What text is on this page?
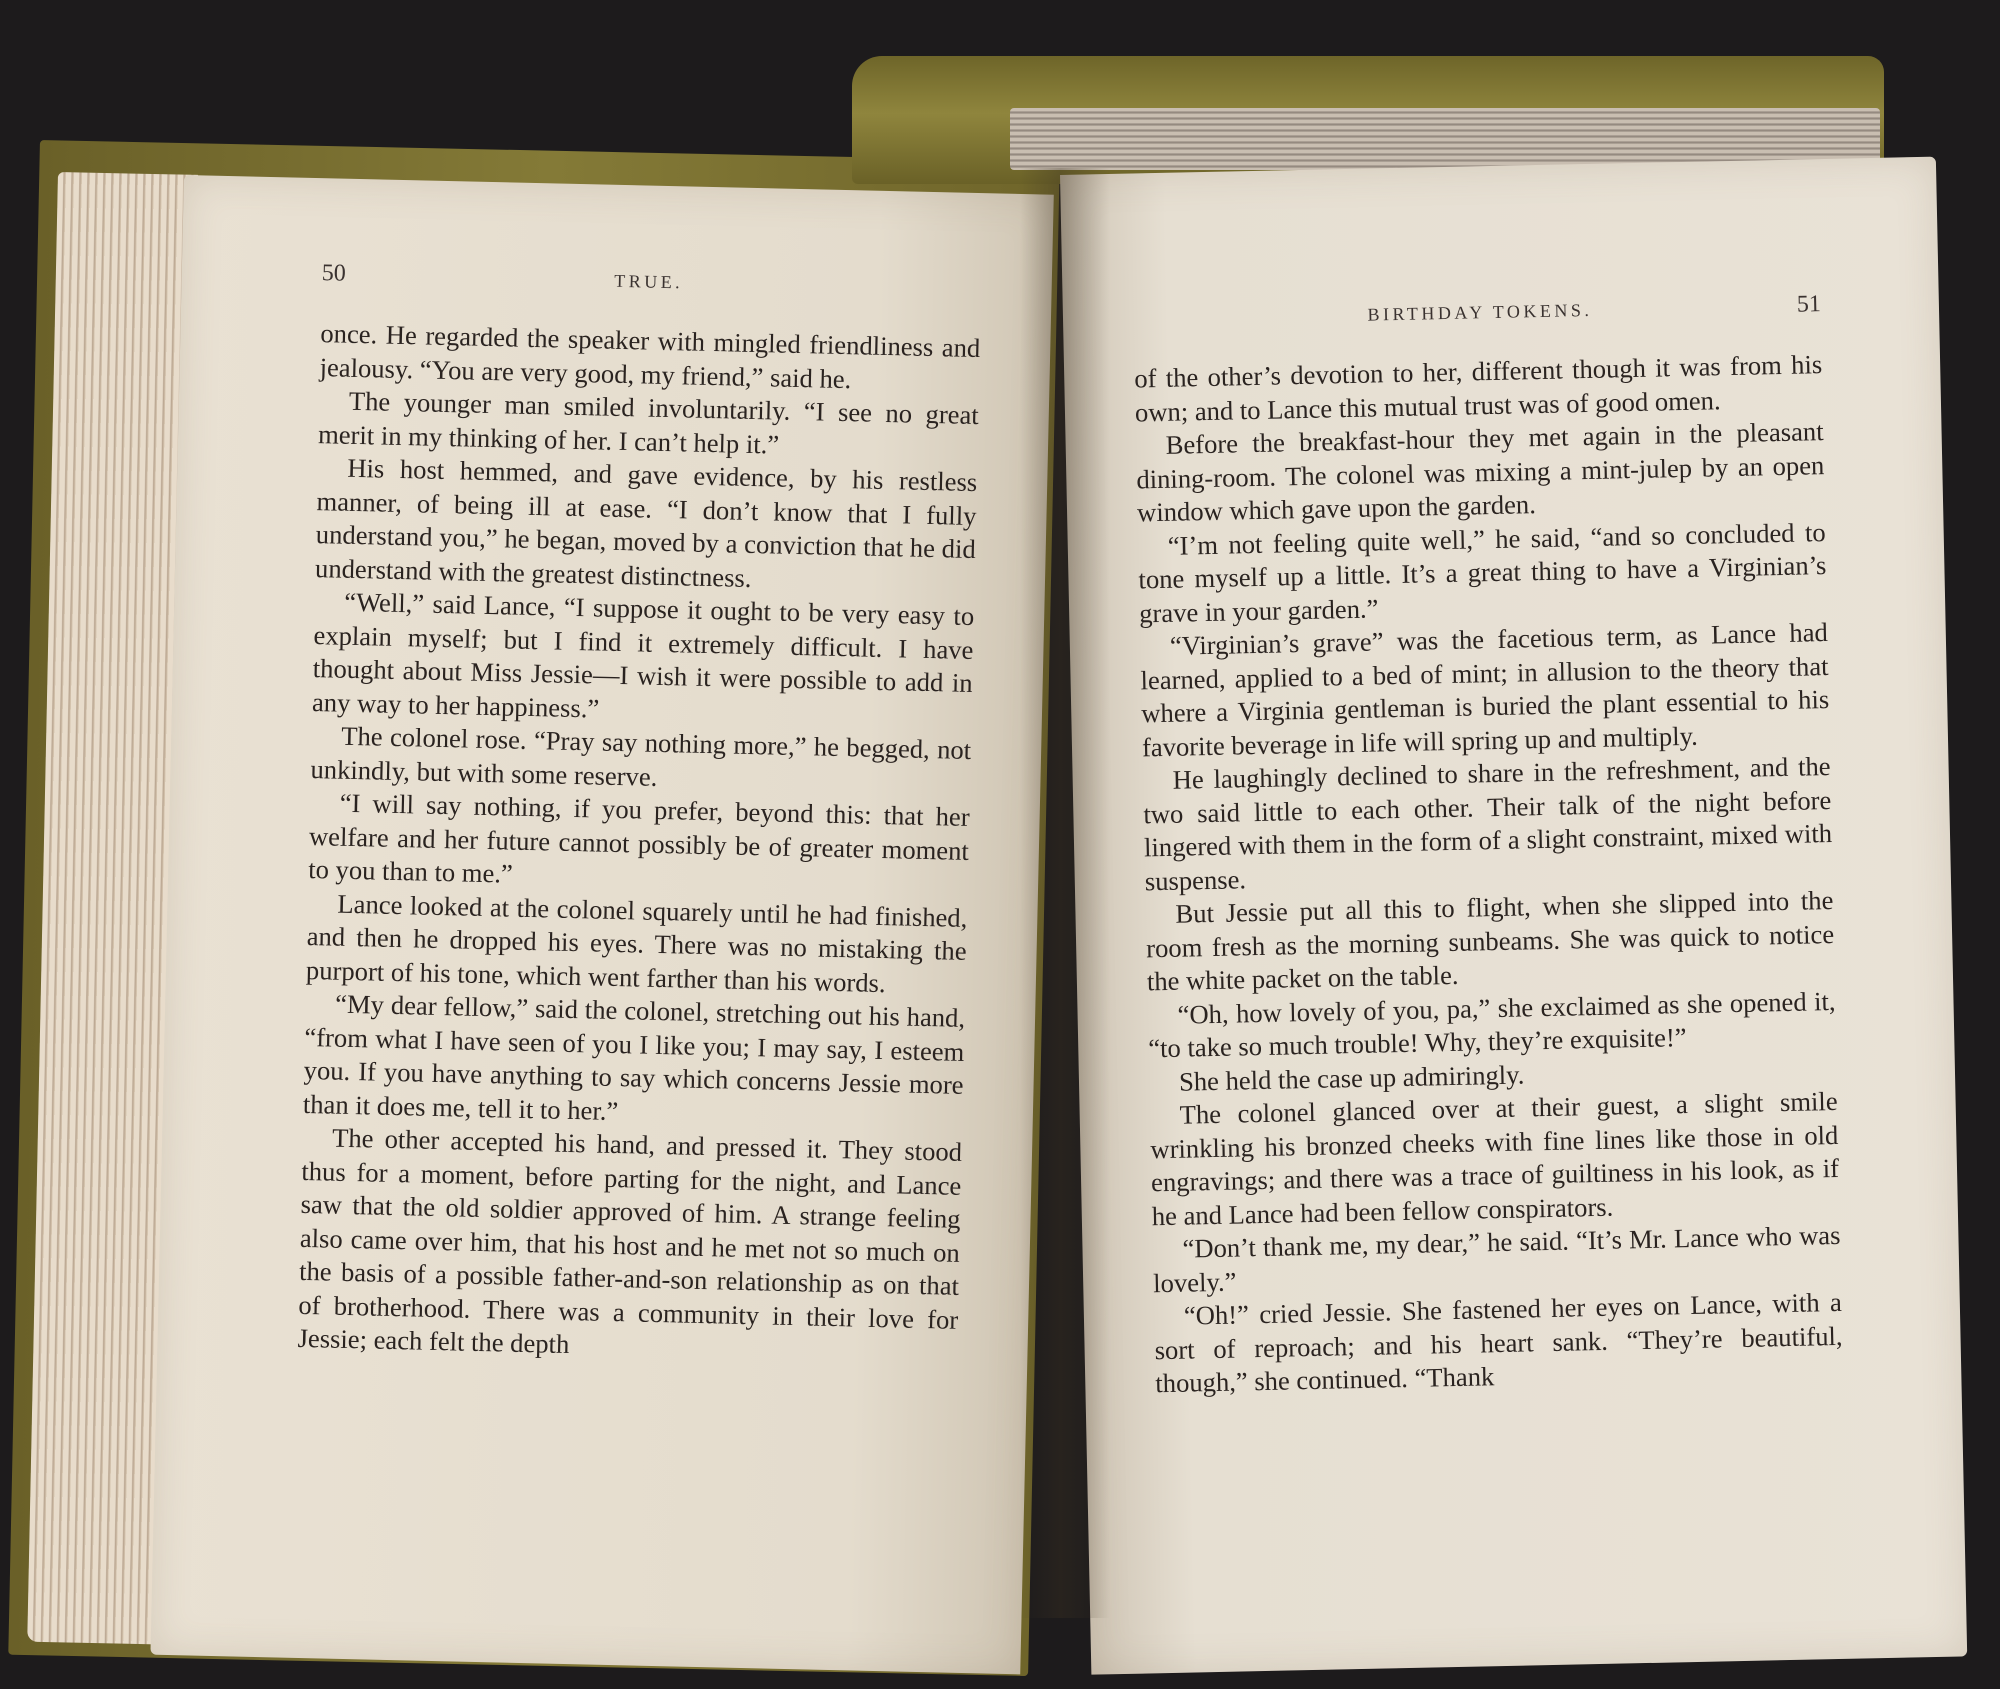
50	TRUE.

once. He regarded the speaker with mingled friendliness and jealousy. “You are very good, my friend,” said he.

The younger man smiled involuntarily. “I see no great merit in my thinking of her. I can’t help it.”

His host hemmed, and gave evidence, by his restless manner, of being ill at ease. “I don’t know that I fully understand you,” he began, moved by a conviction that he did understand with the greatest distinctness.

“Well,” said Lance, “I suppose it ought to be very easy to explain myself; but I find it extremely difficult. I have thought about Miss Jessie—I wish it were possible to add in any way to her happiness.”

The colonel rose. “Pray say nothing more,” he begged, not unkindly, but with some reserve.

“I will say nothing, if you prefer, beyond this: that her welfare and her future cannot possibly be of greater moment to you than to me.”

Lance looked at the colonel squarely until he had finished, and then he dropped his eyes. There was no mistaking the purport of his tone, which went farther than his words.

“My dear fellow,” said the colonel, stretching out his hand, “from what I have seen of you I like you; I may say, I esteem you. If you have anything to say which concerns Jessie more than it does me, tell it to her.”

The other accepted his hand, and pressed it. They stood thus for a moment, before parting for the night, and Lance saw that the old soldier approved of him. A strange feeling also came over him, that his host and he met not so much on the basis of a possible father-and-son relationship as on that of brotherhood. There was a community in their love for Jessie; each felt the depth

BIRTHDAY TOKENS.	51

of the other’s devotion to her, different though it was from his own; and to Lance this mutual trust was of good omen.

Before the breakfast-hour they met again in the pleasant dining-room. The colonel was mixing a mint-julep by an open window which gave upon the garden.

“I’m not feeling quite well,” he said, “and so concluded to tone myself up a little. It’s a great thing to have a Virginian’s grave in your garden.”

“Virginian’s grave” was the facetious term, as Lance had learned, applied to a bed of mint; in allusion to the theory that where a Virginia gentleman is buried the plant essential to his favorite beverage in life will spring up and multiply.

He laughingly declined to share in the refreshment, and the two said little to each other. Their talk of the night before lingered with them in the form of a slight constraint, mixed with suspense.

But Jessie put all this to flight, when she slipped into the room fresh as the morning sunbeams. She was quick to notice the white packet on the table.

“Oh, how lovely of you, pa,” she exclaimed as she opened it, “to take so much trouble! Why, they’re exquisite!”

She held the case up admiringly.

The colonel glanced over at their guest, a slight smile wrinkling his bronzed cheeks with fine lines like those in old engravings; and there was a trace of guiltiness in his look, as if he and Lance had been fellow conspirators.

“Don’t thank me, my dear,” he said. “It’s Mr. Lance who was lovely.”

“Oh!” cried Jessie. She fastened her eyes on Lance, with a sort of reproach; and his heart sank. “They’re beautiful, though,” she continued. “Thank
